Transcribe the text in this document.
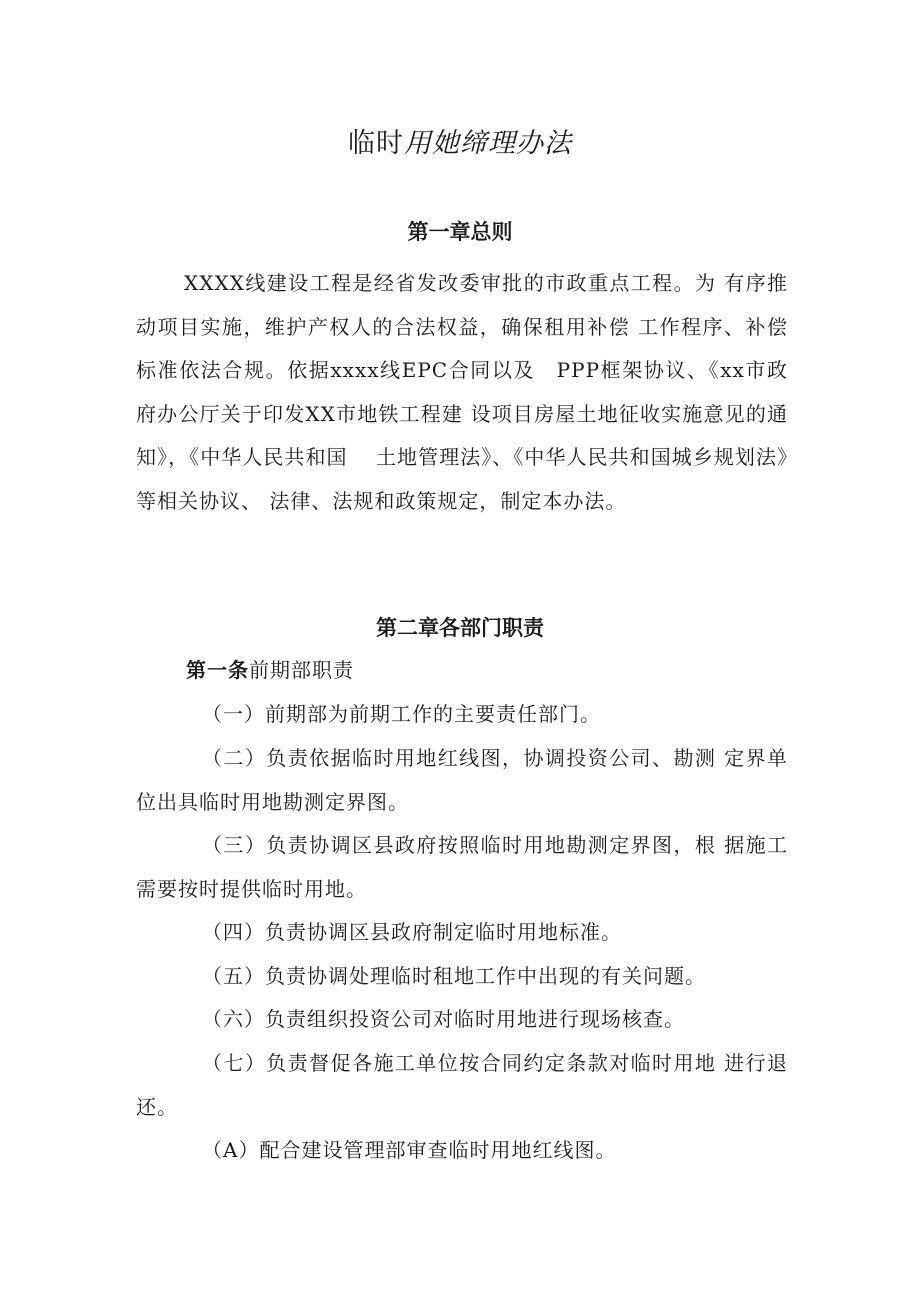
临时用她缔理办法
第一章总则

XXXX线建设工程是经省发改委审批的市政重点工程。为 有序推动项目实施，维护产权人的合法权益，确保租用补偿 工作程序、补偿标准依法合规。依据xxxx线EPC合同以及　PPP框架协议、《xx市政府办公厅关于印发XX市地铁工程建 设项目房屋土地征收实施意见的通知》，《中华人民共和国　 土地管理法》、《中华人民共和国城乡规划法》等相关协议、 法律、法规和政策规定，制定本办法。

第二章各部门职责
第一条前期部职责

（一）前期部为前期工作的主要责任部门。

（二）负责依据临时用地红线图，协调投资公司、勘测 定界单位出具临时用地勘测定界图。

（三）负责协调区县政府按照临时用地勘测定界图，根 据施工需要按时提供临时用地。

（四）负责协调区县政府制定临时用地标准。

（五）负责协调处理临时租地工作中出现的有关问题。

（六）负责组织投资公司对临时用地进行现场核查。

（七）负责督促各施工单位按合同约定条款对临时用地 进行退还。

（A）配合建设管理部审查临时用地红线图。
